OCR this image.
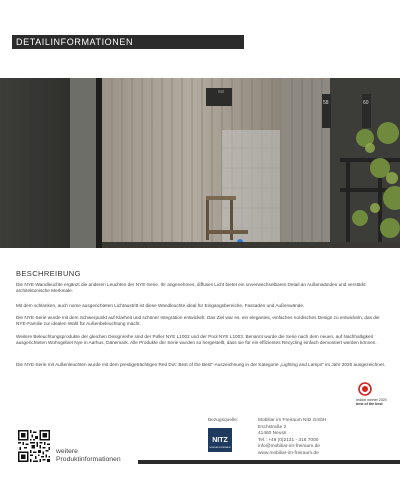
DETAILINFORMATIONEN
58	60
BESCHREIBUNG

Die NYE-Wandleuchte ergänzt die anderen Leuchten der NYE-Serie. Ihr angenehmes, diffuses Licht bietet ein unverwechselbares Detail an Außenwänden und verstärkt architektonische Merkmale.

Mit dem schlanken, auch nome ausgerichteten Lichtaustritt ist diese Wandleuchte ideal für Eingangsbereiche, Fassaden und Außenwände.

Die NYE-Serie wurde mit dem Schwerpunkt auf Klarheit und schöner Integration entwickelt. Das Ziel war es, ein elegantes, einfaches nordisches Design zu entwickeln, das die NYE-Familie zur idealen Wahl für Außenbeleuchtung macht.

Weitere Beleuchtungsprodukte der gleichen Designreihe sind der Poller NYE L1002 und der Pool NYE L1003. Benannt wurde die Serie nach dem neuen, auf Nachhaltigkeit ausgerichteten Wohngebiet Nye in Aarhus, Dänemark. Alle Produkte der Serie wurden so hergestellt, dass sie für ein effizientes Recycling einfach demontiert werden können.

Die NYE-Serie mit Außenleuchten wurde mit dem prestigeträchtigen Red Dot: Best of the Best"-Auszeichnung in der Kategorie „Lighting and Lamps“ im Jahr 2020 ausgezeichnet.

reddot winner 2020
best of the best
Bezugsquelle:
NITZ
MOBILIAR IM FREIRAUM
Mobiliar im Freiraum Nitz GmbH
Eschstraße 2
41460 Neuss
Tel.: +49 (0)2131 - 316 7000
info@mobiliar-im-freiraum.de
www.mobiliar-im-freiraum.de
weitere
Produktinformationen
